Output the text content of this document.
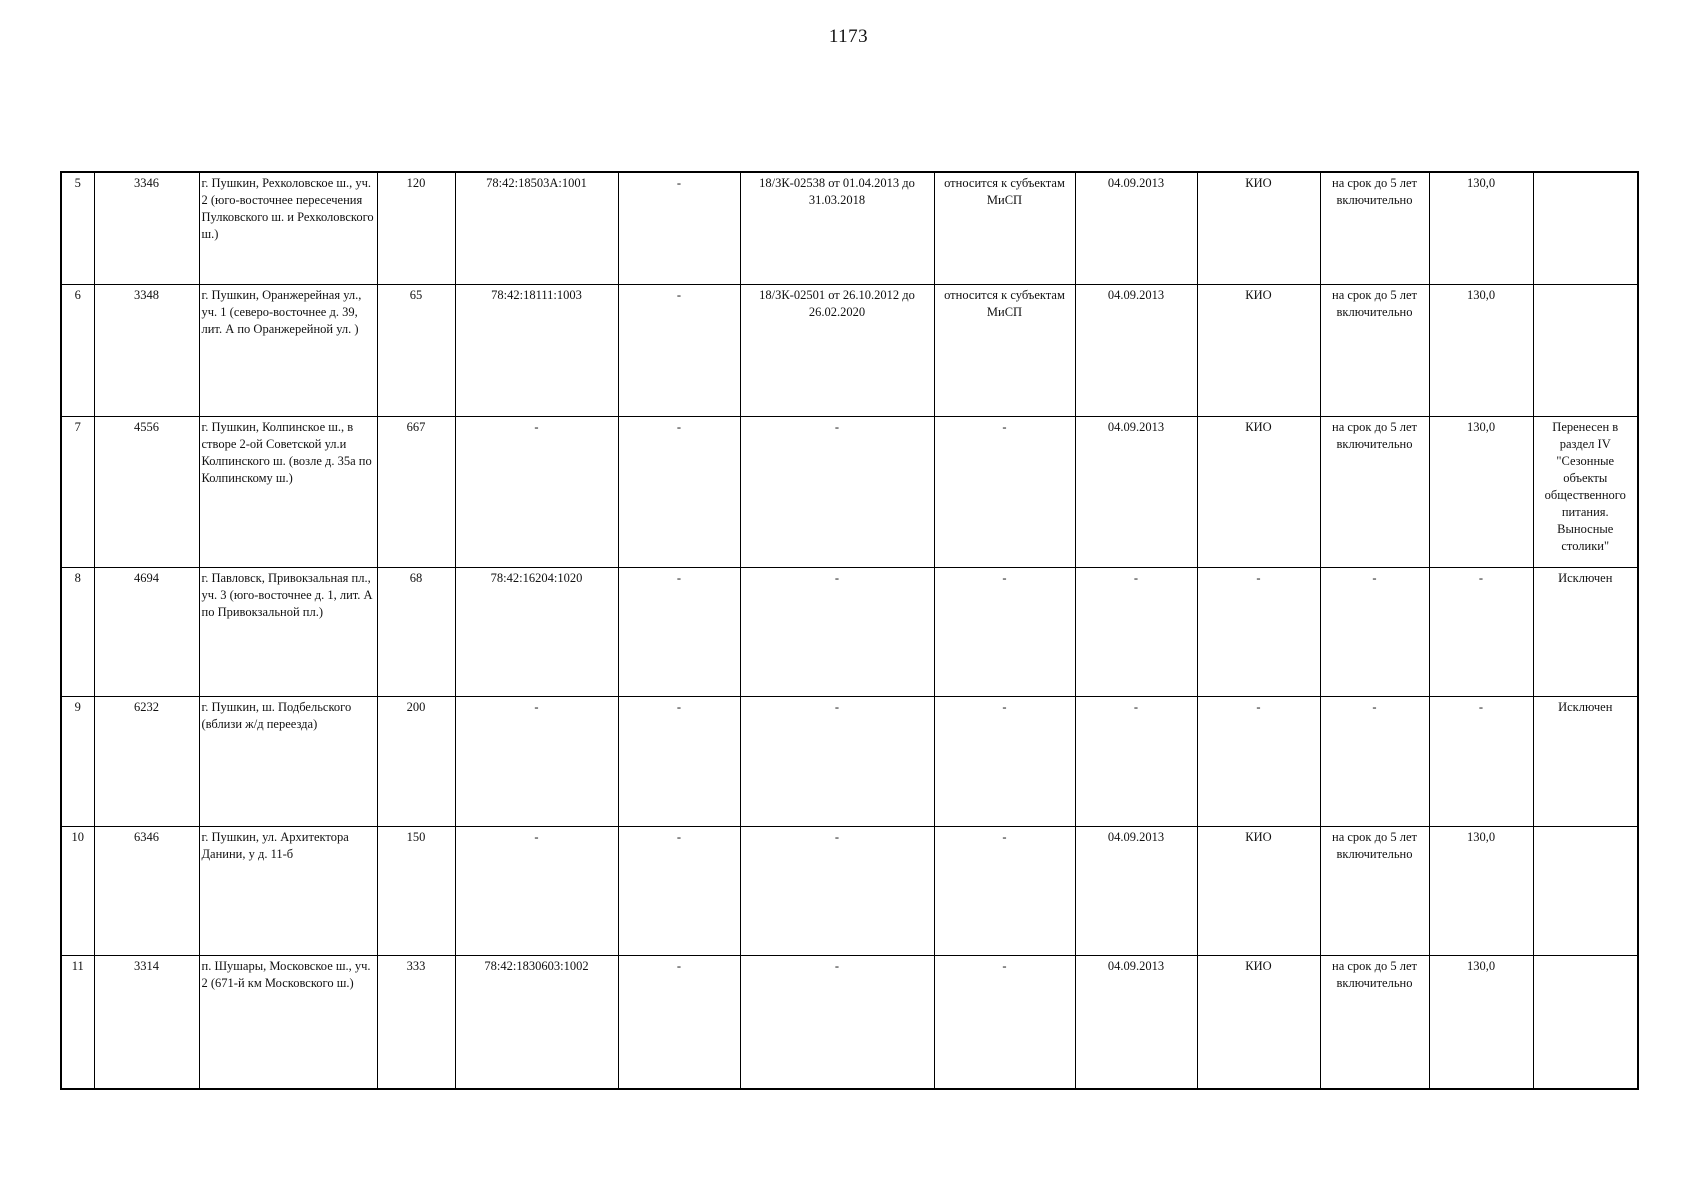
1173
5	3346	г. Пушкин, Рехколовское ш., уч. 2 (юго-восточнее пересечения Пулковского ш. и Рехколовского ш.)	120	78:42:18503А:1001	-	18/ЗК-02538 от 01.04.2013 до 31.03.2018	относится к субъектам МиСП	04.09.2013	КИО	на срок до 5 лет включительно	130,0	
6	3348	г. Пушкин, Оранжерейная ул., уч. 1 (северо-восточнее д. 39, лит. А по Оранжерейной ул. )	65	78:42:18111:1003	-	18/ЗК-02501 от 26.10.2012 до 26.02.2020	относится к субъектам МиСП	04.09.2013	КИО	на срок до 5 лет включительно	130,0	
7	4556	г. Пушкин, Колпинское ш., в створе 2-ой Советской ул.и Колпинского ш. (возле д. 35а по Колпинскому ш.)	667	-	-	-	-	04.09.2013	КИО	на срок до 5 лет включительно	130,0	Перенесен в раздел IV "Сезонные объекты общественного питания. Выносные столики"
8	4694	г. Павловск, Привокзальная пл., уч. 3 (юго-восточнее д. 1, лит. А по Привокзальной пл.)	68	78:42:16204:1020	-	-	-	-	-	-	-	Исключен
9	6232	г. Пушкин, ш. Подбельского (вблизи ж/д переезда)	200	-	-	-	-	-	-	-	-	Исключен
10	6346	г. Пушкин, ул. Архитектора Данини, у д. 11-б	150	-	-	-	-	04.09.2013	КИО	на срок до 5 лет включительно	130,0	
11	3314	п. Шушары, Московское ш., уч. 2 (671-й км Московского ш.)	333	78:42:1830603:1002	-	-	-	04.09.2013	КИО	на срок до 5 лет включительно	130,0	
